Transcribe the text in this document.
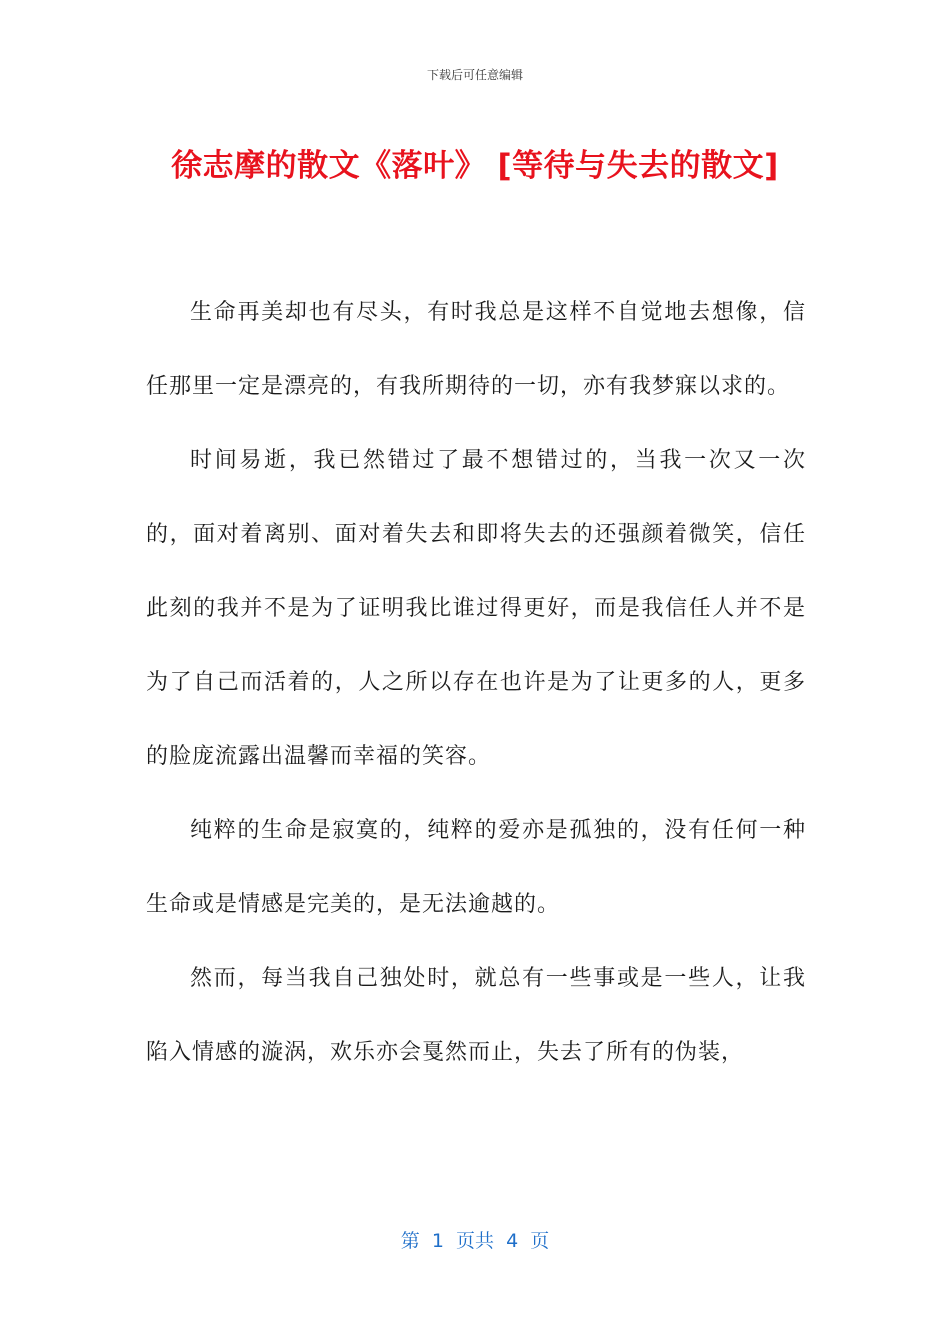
下载后可任意编辑
徐志摩的散文《落叶》 [等待与失去的散文]

生命再美却也有尽头，有时我总是这样不自觉地去想像，信任那里一定是漂亮的，有我所期待的一切，亦有我梦寐以求的。

时间易逝，我已然错过了最不想错过的，当我一次又一次的，面对着离别、面对着失去和即将失去的还强颜着微笑，信任此刻的我并不是为了证明我比谁过得更好，而是我信任人并不是为了自己而活着的，人之所以存在也许是为了让更多的人，更多的脸庞流露出温馨而幸福的笑容。

纯粹的生命是寂寞的，纯粹的爱亦是孤独的，没有任何一种生命或是情感是完美的，是无法逾越的。

然而，每当我自己独处时，就总有一些事或是一些人，让我陷入情感的漩涡，欢乐亦会戛然而止，失去了所有的伪装，

第  1  页共  4  页
